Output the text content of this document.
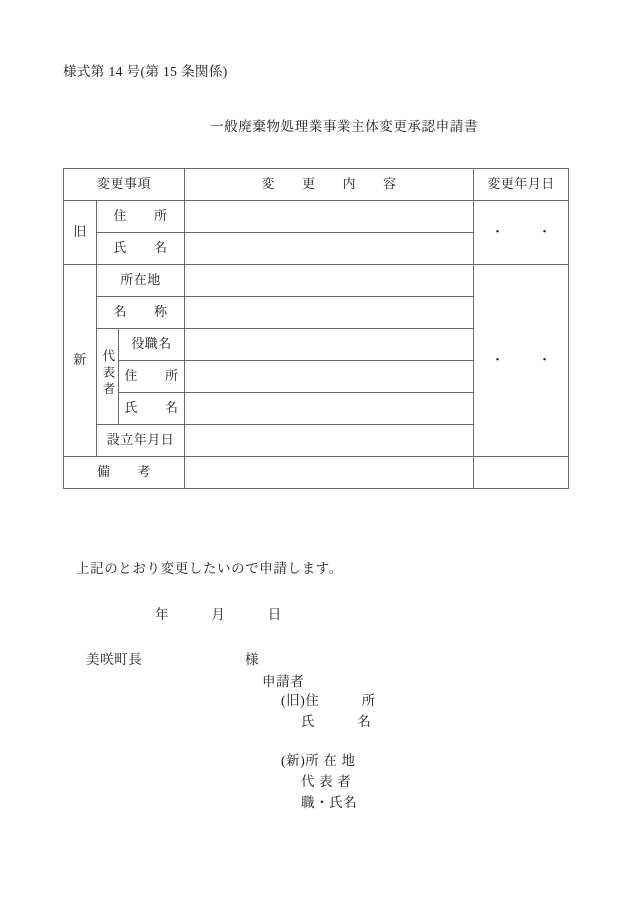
様式第 14 号(第 15 条関係)
一般廃棄物処理業事業主体変更承認申請書
変更事項			変　　更　　内　　容	変更年月日
旧	住　　所			・ ・
	氏　　名			
新	所在地			・ ・
	名　　称			
	代表者	役職名		
		住　　所		
		氏　　名		
	設立年月日			
備　　考				
上記のとおり変更したいので申請します。
年　　　月　　　日
美咲町長	様
申請者
(旧)住　　　所
氏　　　名
(新)所 在 地
代 表 者
職・氏名
